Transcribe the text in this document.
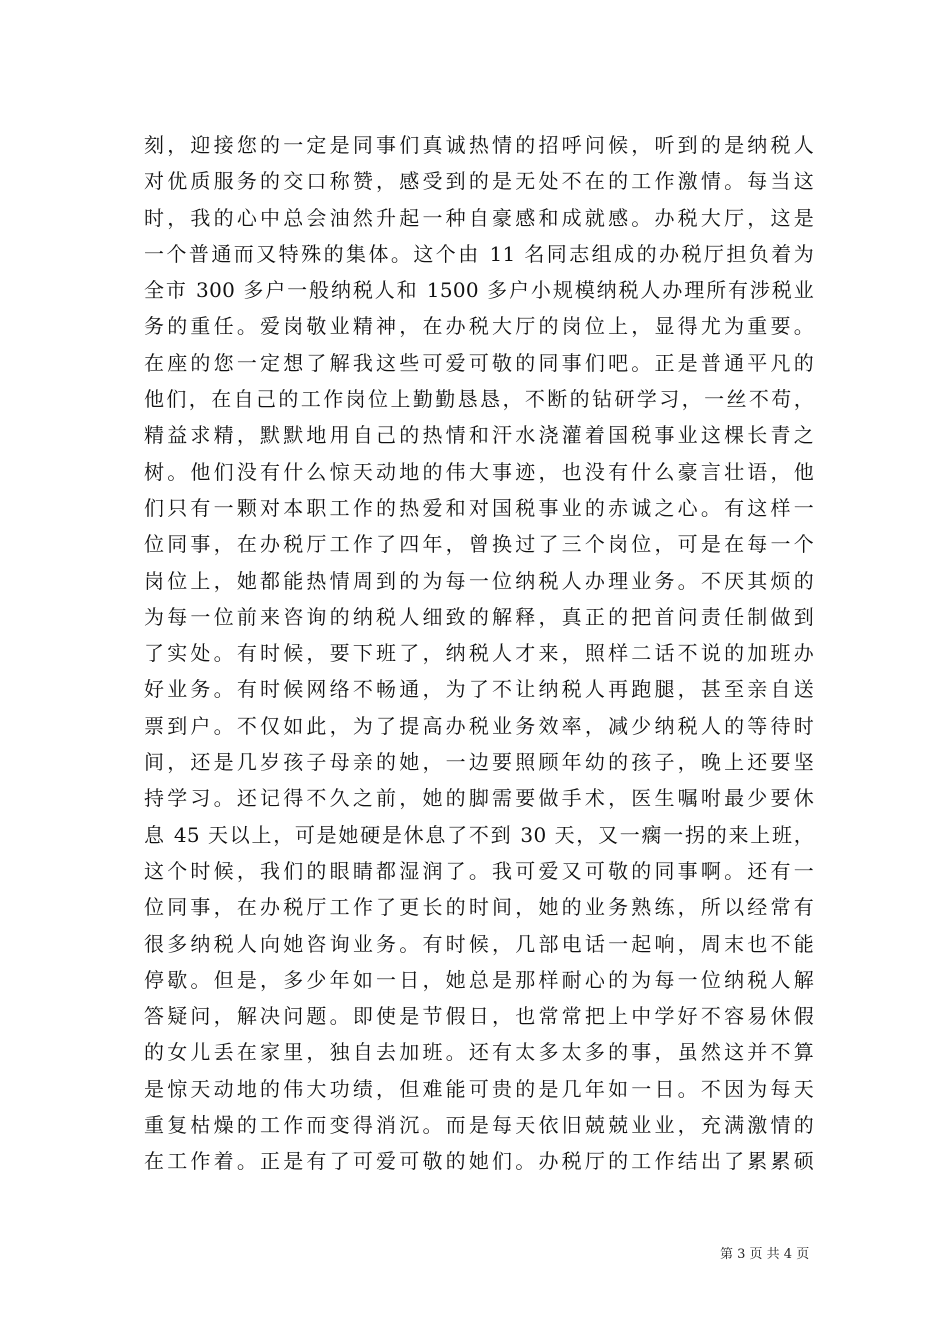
刻，迎接您的一定是同事们真诚热情的招呼问候，听到的是纳税人
对优质服务的交口称赞，感受到的是无处不在的工作激情。每当这
时，我的心中总会油然升起一种自豪感和成就感。办税大厅，这是
一个普通而又特殊的集体。这个由 11 名同志组成的办税厅担负着为
全市 300 多户一般纳税人和 1500 多户小规模纳税人办理所有涉税业
务的重任。爱岗敬业精神，在办税大厅的岗位上，显得尤为重要。
在座的您一定想了解我这些可爱可敬的同事们吧。正是普通平凡的
他们，在自己的工作岗位上勤勤恳恳，不断的钻研学习，一丝不苟，
精益求精，默默地用自己的热情和汗水浇灌着国税事业这棵长青之
树。他们没有什么惊天动地的伟大事迹，也没有什么豪言壮语，他
们只有一颗对本职工作的热爱和对国税事业的赤诚之心。有这样一
位同事，在办税厅工作了四年，曾换过了三个岗位，可是在每一个
岗位上，她都能热情周到的为每一位纳税人办理业务。不厌其烦的
为每一位前来咨询的纳税人细致的解释，真正的把首问责任制做到
了实处。有时候，要下班了，纳税人才来，照样二话不说的加班办
好业务。有时候网络不畅通，为了不让纳税人再跑腿，甚至亲自送
票到户。不仅如此，为了提高办税业务效率，减少纳税人的等待时
间，还是几岁孩子母亲的她，一边要照顾年幼的孩子，晚上还要坚
持学习。还记得不久之前，她的脚需要做手术，医生嘱咐最少要休
息 45 天以上，可是她硬是休息了不到 30 天，又一瘸一拐的来上班，
这个时候，我们的眼睛都湿润了。我可爱又可敬的同事啊。还有一
位同事，在办税厅工作了更长的时间，她的业务熟练，所以经常有
很多纳税人向她咨询业务。有时候，几部电话一起响，周末也不能
停歇。但是，多少年如一日，她总是那样耐心的为每一位纳税人解
答疑问，解决问题。即使是节假日，也常常把上中学好不容易休假
的女儿丢在家里，独自去加班。还有太多太多的事，虽然这并不算
是惊天动地的伟大功绩，但难能可贵的是几年如一日。不因为每天
重复枯燥的工作而变得消沉。而是每天依旧兢兢业业，充满激情的
在工作着。正是有了可爱可敬的她们。办税厅的工作结出了累累硕
第 3 页 共 4 页
